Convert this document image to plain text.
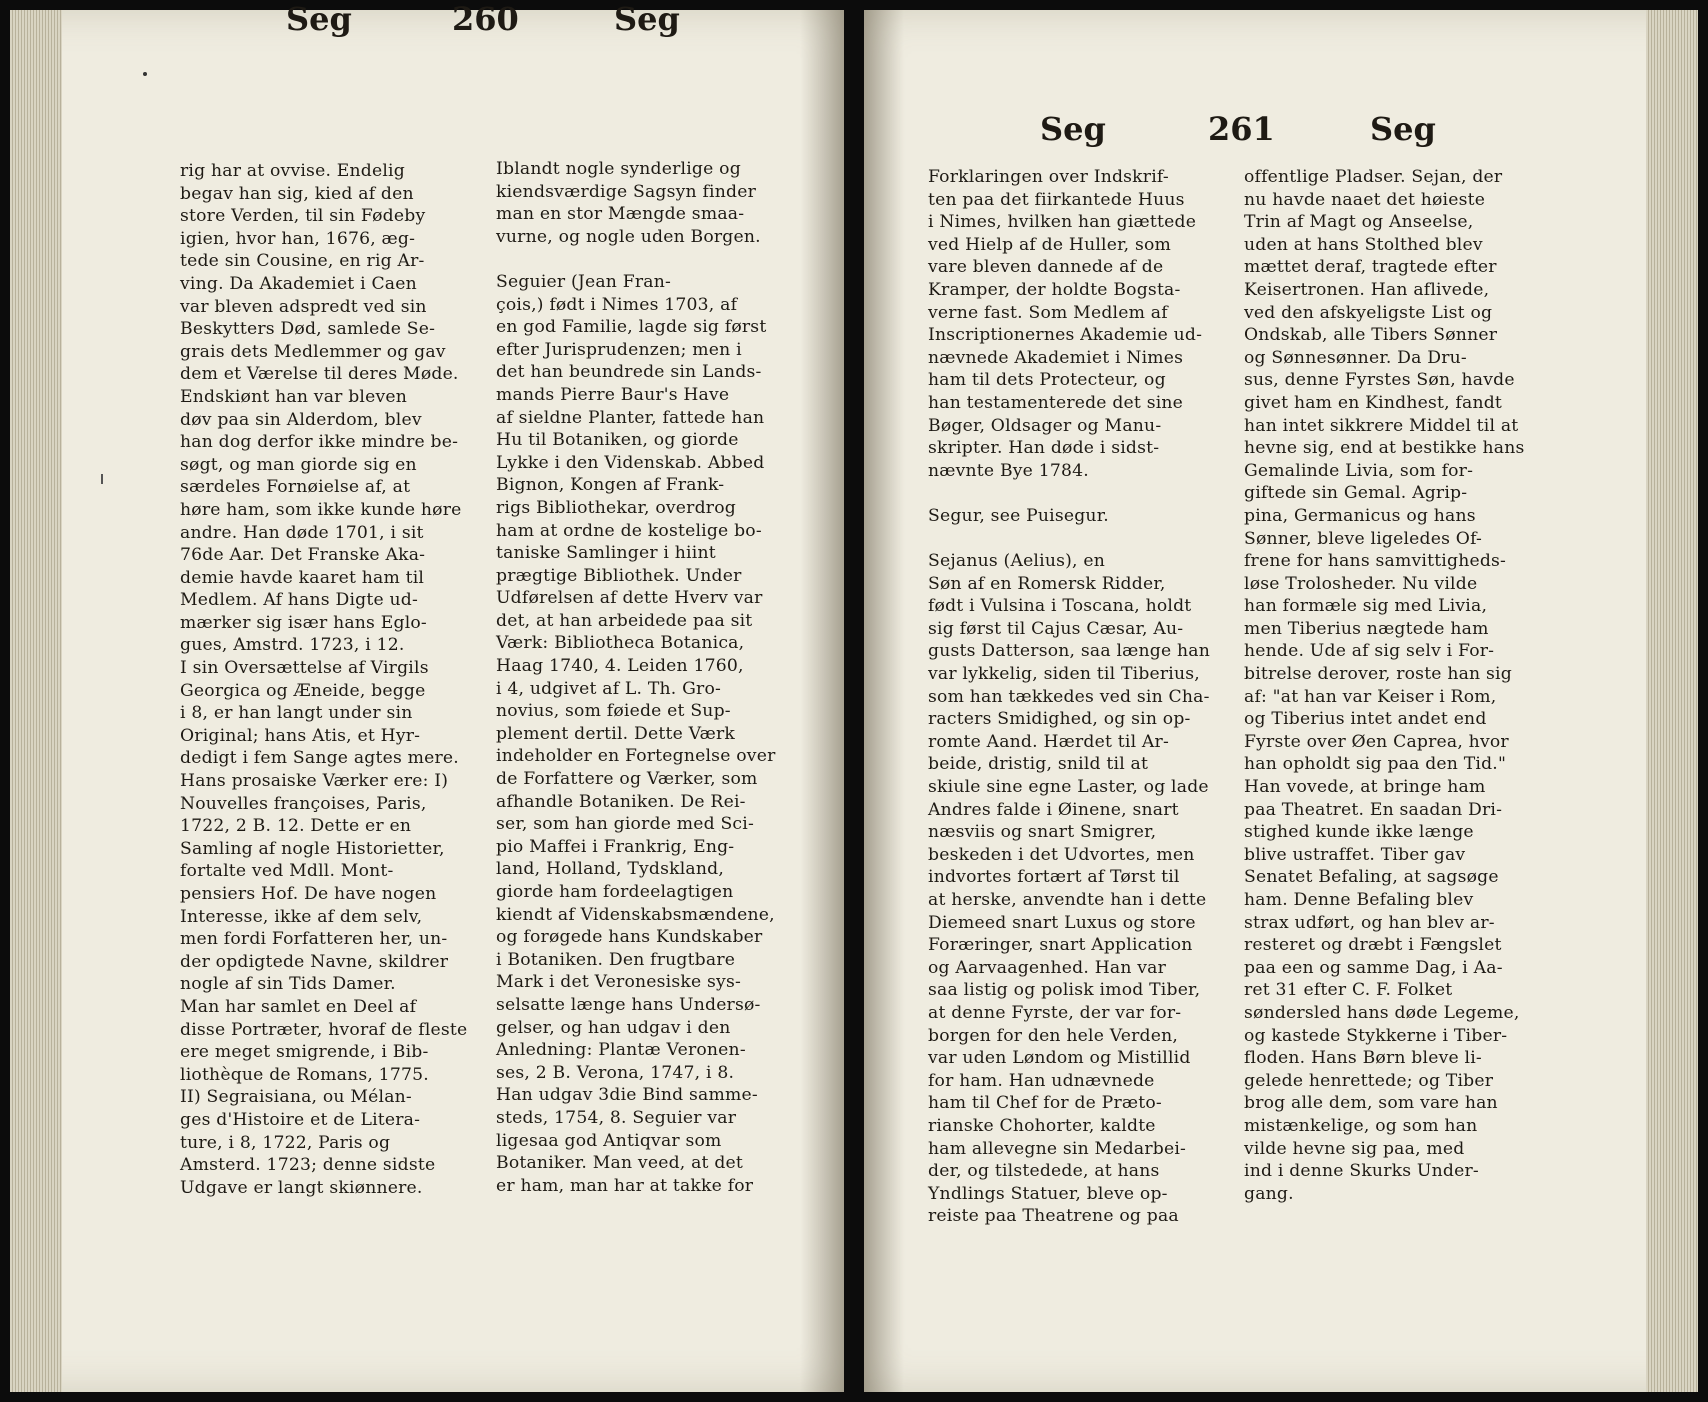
Seg	260	Seg
Seg	261	Seg
rig har at ovvise. Endelig
begav han sig, kied af den
store Verden, til sin Fødeby
igien, hvor han, 1676, æg-
tede sin Cousine, en rig Ar-
ving. Da Akademiet i Caen
var bleven adspredt ved sin
Beskytters Død, samlede Se-
grais dets Medlemmer og gav
dem et Værelse til deres Møde.
Endskiønt han var bleven
døv paa sin Alderdom, blev
han dog derfor ikke mindre be-
søgt, og man giorde sig en
særdeles Fornøielse af, at
høre ham, som ikke kunde høre
andre. Han døde 1701, i sit
76de Aar. Det Franske Aka-
demie havde kaaret ham til
Medlem. Af hans Digte ud-
mærker sig især hans Eglo-
gues, Amstrd. 1723, i 12.
I sin Oversættelse af Virgils
Georgica og Æneide, begge
i 8, er han langt under sin
Original; hans Atis, et Hyr-
dedigt i fem Sange agtes mere.
Hans prosaiske Værker ere: I)
Nouvelles françoises, Paris,
1722, 2 B. 12. Dette er en
Samling af nogle Historietter,
fortalte ved Mdll. Mont-
pensiers Hof. De have nogen
Interesse, ikke af dem selv,
men fordi Forfatteren her, un-
der opdigtede Navne, skildrer
nogle af sin Tids Damer.
Man har samlet en Deel af
disse Portræter, hvoraf de fleste
ere meget smigrende, i Bib-
liothèque de Romans, 1775.
II) Segraisiana, ou Mélan-
ges d'Histoire et de Litera-
ture, i 8, 1722, Paris og
Amsterd. 1723; denne sidste
Udgave er langt skiønnere.
Iblandt nogle synderlige og
kiendsværdige Sagsyn finder
man en stor Mængde smaa-
vurne, og nogle uden Borgen.

Seguier (Jean Fran-
çois,) født i Nimes 1703, af
en god Familie, lagde sig først
efter Jurisprudenzen; men i
det han beundrede sin Lands-
mands Pierre Baur's Have
af sieldne Planter, fattede han
Hu til Botaniken, og giorde
Lykke i den Videnskab. Abbed
Bignon, Kongen af Frank-
rigs Bibliothekar, overdrog
ham at ordne de kostelige bo-
taniske Samlinger i hiint
prægtige Bibliothek. Under
Udførelsen af dette Hverv var
det, at han arbeidede paa sit
Værk: Bibliotheca Botanica,
Haag 1740, 4. Leiden 1760,
i 4, udgivet af L. Th. Gro-
novius, som føiede et Sup-
plement dertil. Dette Værk
indeholder en Fortegnelse over
de Forfattere og Værker, som
afhandle Botaniken. De Rei-
ser, som han giorde med Sci-
pio Maffei i Frankrig, Eng-
land, Holland, Tydskland,
giorde ham fordeelagtigen
kiendt af Videnskabsmændene,
og forøgede hans Kundskaber
i Botaniken. Den frugtbare
Mark i det Veronesiske sys-
selsatte længe hans Undersø-
gelser, og han udgav i den
Anledning: Plantæ Veronen-
ses, 2 B. Verona, 1747, i 8.
Han udgav 3die Bind samme-
steds, 1754, 8. Seguier var
ligesaa god Antiqvar som
Botaniker. Man veed, at det
er ham, man har at takke for
Forklaringen over Indskrif-
ten paa det fiirkantede Huus
i Nimes, hvilken han giættede
ved Hielp af de Huller, som
vare bleven dannede af de
Kramper, der holdte Bogsta-
verne fast. Som Medlem af
Inscriptionernes Akademie ud-
nævnede Akademiet i Nimes
ham til dets Protecteur, og
han testamenterede det sine
Bøger, Oldsager og Manu-
skripter. Han døde i sidst-
nævnte Bye 1784.

Segur, see Puisegur.

Sejanus (Aelius), en
Søn af en Romersk Ridder,
født i Vulsina i Toscana, holdt
sig først til Cajus Cæsar, Au-
gusts Datterson, saa længe han
var lykkelig, siden til Tiberius,
som han tækkedes ved sin Cha-
racters Smidighed, og sin op-
romte Aand. Hærdet til Ar-
beide, dristig, snild til at
skiule sine egne Laster, og lade
Andres falde i Øinene, snart
næsviis og snart Smigrer,
beskeden i det Udvortes, men
indvortes fortært af Tørst til
at herske, anvendte han i dette
Diemeed snart Luxus og store
Foræringer, snart Application
og Aarvaagenhed. Han var
saa listig og polisk imod Tiber,
at denne Fyrste, der var for-
borgen for den hele Verden,
var uden Løndom og Mistillid
for ham. Han udnævnede
ham til Chef for de Præto-
rianske Chohorter, kaldte
ham allevegne sin Medarbei-
der, og tilstedede, at hans
Yndlings Statuer, bleve op-
reiste paa Theatrene og paa
offentlige Pladser. Sejan, der
nu havde naaet det høieste
Trin af Magt og Anseelse,
uden at hans Stolthed blev
mættet deraf, tragtede efter
Keisertronen. Han aflivede,
ved den afskyeligste List og
Ondskab, alle Tibers Sønner
og Sønnesønner. Da Dru-
sus, denne Fyrstes Søn, havde
givet ham en Kindhest, fandt
han intet sikkrere Middel til at
hevne sig, end at bestikke hans
Gemalinde Livia, som for-
giftede sin Gemal. Agrip-
pina, Germanicus og hans
Sønner, bleve ligeledes Of-
frene for hans samvittigheds-
løse Trolosheder. Nu vilde
han formæle sig med Livia,
men Tiberius nægtede ham
hende. Ude af sig selv i For-
bitrelse derover, roste han sig
af: "at han var Keiser i Rom,
og Tiberius intet andet end
Fyrste over Øen Caprea, hvor
han opholdt sig paa den Tid."
Han vovede, at bringe ham
paa Theatret. En saadan Dri-
stighed kunde ikke længe
blive ustraffet. Tiber gav
Senatet Befaling, at sagsøge
ham. Denne Befaling blev
strax udført, og han blev ar-
resteret og dræbt i Fængslet
paa een og samme Dag, i Aa-
ret 31 efter C. F. Folket
søndersled hans døde Legeme,
og kastede Stykkerne i Tiber-
floden. Hans Børn bleve li-
gelede henrettede; og Tiber
brog alle dem, som vare han
mistænkelige, og som han
vilde hevne sig paa, med
ind i denne Skurks Under-
gang.
